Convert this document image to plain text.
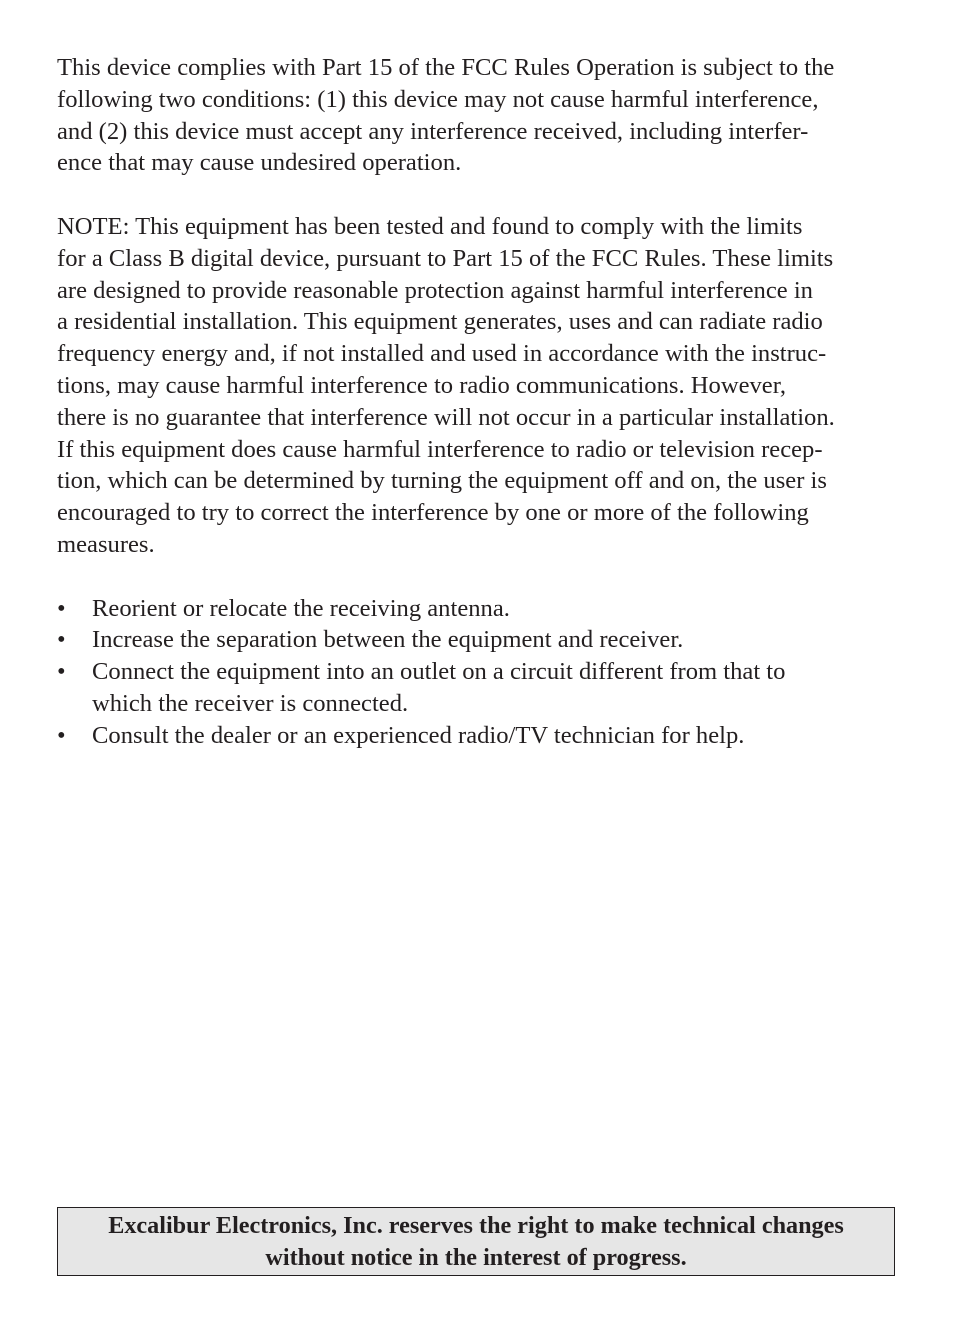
This device complies with Part 15 of the FCC Rules Operation is subject to the
following two conditions: (1) this device may not cause harmful interference,
and (2) this device must accept any interference received, including interfer-
ence that may cause undesired operation.

NOTE: This equipment has been tested and found to comply with the limits
for a Class B digital device, pursuant to Part 15 of the FCC Rules. These limits
are designed to provide reasonable protection against harmful interference in
a residential installation. This equipment generates, uses and can radiate radio
frequency energy and, if not installed and used in accordance with the instruc-
tions, may cause harmful interference to radio communications. However,
there is no guarantee that interference will not occur in a particular installation.
If this equipment does cause harmful interference to radio or television recep-
tion, which can be determined by turning the equipment off and on, the user is
encouraged to try to correct the interference by one or more of the following
measures.

• Reorient or relocate the receiving antenna.
• Increase the separation between the equipment and receiver.
• Connect the equipment into an outlet on a circuit different from that to
which the receiver is connected.
• Consult the dealer or an experienced radio/TV technician for help.
Excalibur Electronics, Inc. reserves the right to make technical changes
without notice in the interest of progress.
